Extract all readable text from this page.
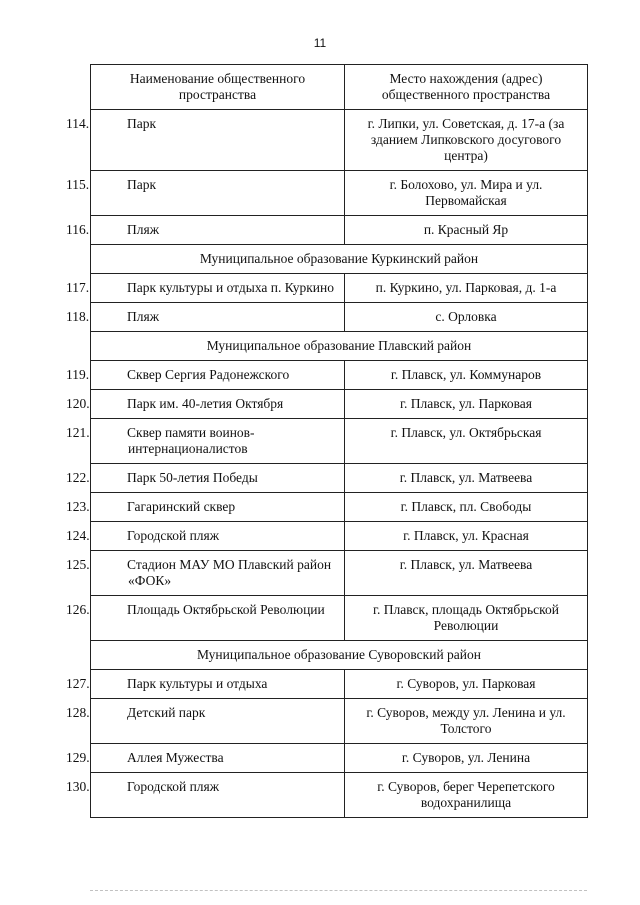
11
Наименование общественного пространства	Место нахождения (адрес) общественного пространства

114. Парк	г. Липки, ул. Советская, д. 17-а (за зданием Липковского досугового центра)

115. Парк	г. Болохово, ул. Мира и ул. Первомайская

116. Пляж	п. Красный Яр
Муниципальное образование Куркинский район	

117. Парк культуры и отдыха п. Куркино	п. Куркино, ул. Парковая, д. 1-а

118. Пляж	с. Орловка
Муниципальное образование Плавский район	

119. Сквер Сергия Радонежского	г. Плавск, ул. Коммунаров

120. Парк им. 40-летия Октября	г. Плавск, ул. Парковая

121. Сквер памяти воинов-интернационалистов	г. Плавск, ул. Октябрьская

122. Парк 50-летия Победы	г. Плавск, ул. Матвеева

123. Гагаринский сквер	г. Плавск, пл. Свободы

124. Городской пляж	г. Плавск, ул. Красная

125. Стадион МАУ МО Плавский район «ФОК»	г. Плавск, ул. Матвеева

126. Площадь Октябрьской Революции	г. Плавск, площадь Октябрьской Революции
Муниципальное образование Суворовский район	

127. Парк культуры и отдыха	г. Суворов, ул. Парковая

128. Детский парк	г. Суворов, между ул. Ленина и ул. Толстого

129. Аллея Мужества	г. Суворов, ул. Ленина

130. Городской пляж	г. Суворов, берег Черепетского водохранилища
